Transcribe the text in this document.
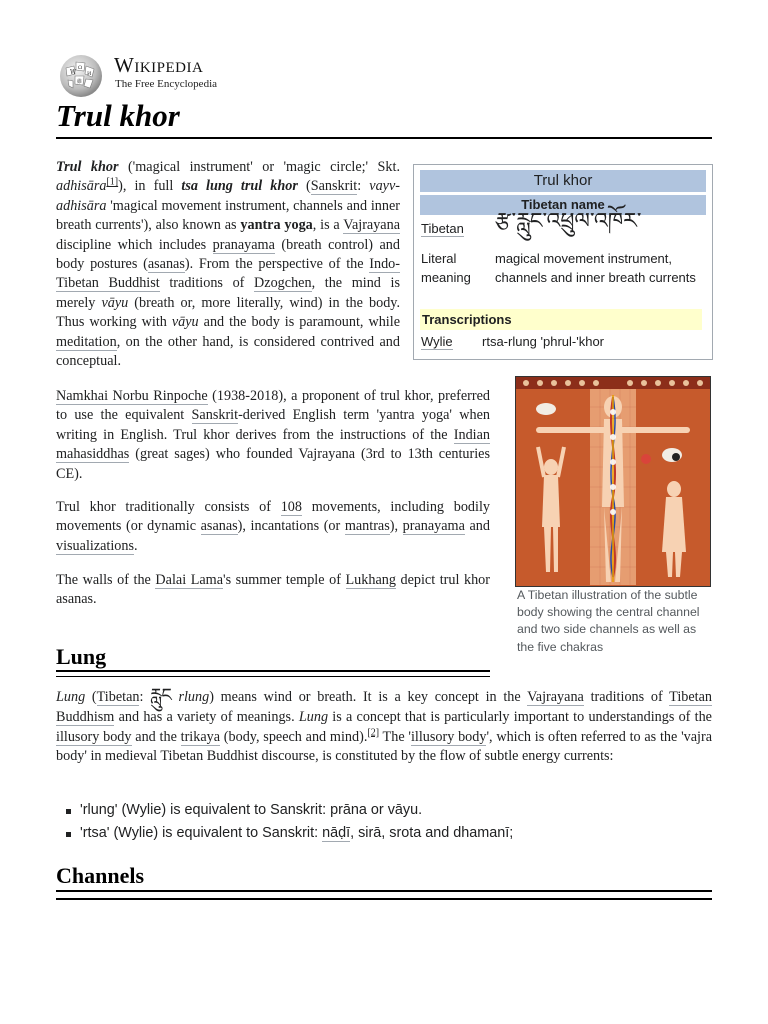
W
Ω
И
維
Wikipedia
The Free Encyclopedia
Trul khor

Trul khor ('magical instrument' or 'magic circle;' Skt. adhisāra[1]), in full tsa lung trul khor (Sanskrit: vayv-adhisāra 'magical movement instrument, channels and inner breath currents'), also known as yantra yoga, is a Vajrayana discipline which includes pranayama (breath control) and body postures (asanas). From the perspective of the Indo-Tibetan Buddhist traditions of Dzogchen, the mind is merely vāyu (breath or, more literally, wind) in the body. Thus working with vāyu and the body is paramount, while meditation, on the other hand, is considered contrived and conceptual.

Trul khor
Tibetan name
Tibetan རྩ་རླུང་འཕྲུལ་འཁོར་
Literal meaning
magical movement instrument, channels and inner breath currents
Transcriptions
Wylie rtsa-rlung 'phrul-'khor
A Tibetan illustration of the subtle body showing the central channel and two side channels as well as the five chakras

Namkhai Norbu Rinpoche (1938-2018), a proponent of trul khor, preferred to use the equivalent Sanskrit-derived English term 'yantra yoga' when writing in English. Trul khor derives from the instructions of the Indian mahasiddhas (great sages) who founded Vajrayana (3rd to 13th centuries CE).

Trul khor traditionally consists of 108 movements, including bodily movements (or dynamic asanas), incantations (or mantras), pranayama and visualizations.

The walls of the Dalai Lama's summer temple of Lukhang depict trul khor asanas.

Lung

Lung (Tibetan: རླུང rlung) means wind or breath. It is a key concept in the Vajrayana traditions of Tibetan Buddhism and has a variety of meanings. Lung is a concept that is particularly important to understandings of the illusory body and the trikaya (body, speech and mind).[2] The 'illusory body', which is often referred to as the 'vajra body' in medieval Tibetan Buddhist discourse, is constituted by the flow of subtle energy currents:

'rlung' (Wylie) is equivalent to Sanskrit: prāna or vāyu.
'rtsa' (Wylie) is equivalent to Sanskrit: nāḍī, sirā, srota and dhamanī;
Channels
